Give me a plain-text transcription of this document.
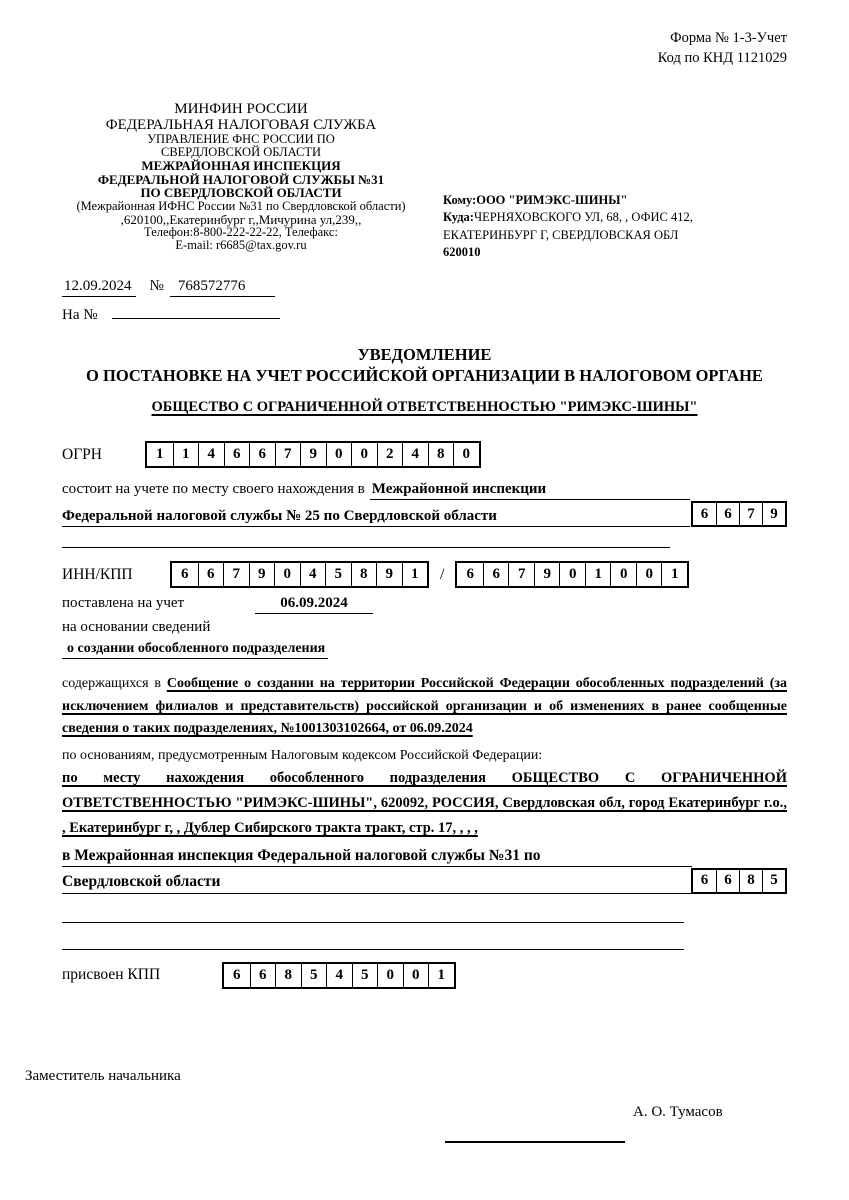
Форма № 1-3-Учет
Код по КНД 1121029
МИНФИН РОССИИ
ФЕДЕРАЛЬНАЯ НАЛОГОВАЯ СЛУЖБА
УПРАВЛЕНИЕ ФНС РОССИИ ПО
СВЕРДЛОВСКОЙ ОБЛАСТИ
МЕЖРАЙОННАЯ ИНСПЕКЦИЯ
ФЕДЕРАЛЬНОЙ НАЛОГОВОЙ СЛУЖБЫ №31
ПО СВЕРДЛОВСКОЙ ОБЛАСТИ
(Межрайонная ИФНС России №31 по Свердловской области)
,620100,,Екатеринбург г,,Мичурина ул,239,,
Телефон:8-800-222-22-22, Телефакс:
E-mail: r6685@tax.gov.ru
Кому:ООО "РИМЭКС-ШИНЫ"
Куда:ЧЕРНЯХОВСКОГО УЛ, 68, , ОФИС 412,
ЕКАТЕРИНБУРГ Г, СВЕРДЛОВСКАЯ ОБЛ
620010
12.09.2024 № 768572776
На №
УВЕДОМЛЕНИЕ
О ПОСТАНОВКЕ НА УЧЕТ РОССИЙСКОЙ ОРГАНИЗАЦИИ В НАЛОГОВОМ ОРГАНЕ
ОБЩЕСТВО С ОГРАНИЧЕННОЙ ОТВЕТСТВЕННОСТЬЮ "РИМЭКС-ШИНЫ"
ОГРН	1	1	4	6	6	7	9	0	0	2	4	8	0
состоит на учете по месту своего нахождения в Межрайонной инспекции
Федеральной налоговой службы № 25 по Свердловской области	6	6	7	9
ИНН/КПП	6	6	7	9	0	4	5	8	9	1	/	6	6	7	9	0	1	0	0	1
поставлена на учет	06.09.2024
на основании сведений
о создании обособленного подразделения
содержащихся в Сообщение о создании на территории Российской Федерации обособленных подразделений (за исключением филиалов и представительств) российской организации и об изменениях в ранее сообщенные сведения о таких подразделениях, №1001303102664, от 06.09.2024
по основаниям, предусмотренным Налоговым кодексом Российской Федерации:
по месту нахождения обособленного подразделения ОБЩЕСТВО С ОГРАНИЧЕННОЙ ОТВЕТСТВЕННОСТЬЮ "РИМЭКС-ШИНЫ", 620092, РОССИЯ, Свердловская обл, город Екатеринбург г.о., , Екатеринбург г, , Дублер Сибирского тракта тракт, стр. 17, , , ,
в Межрайонная инспекция Федеральной налоговой службы №31 по
Свердловской области	6	6	8	5
присвоен КПП	6	6	8	5	4	5	0	0	1
Заместитель начальника
А. О. Тумасов
